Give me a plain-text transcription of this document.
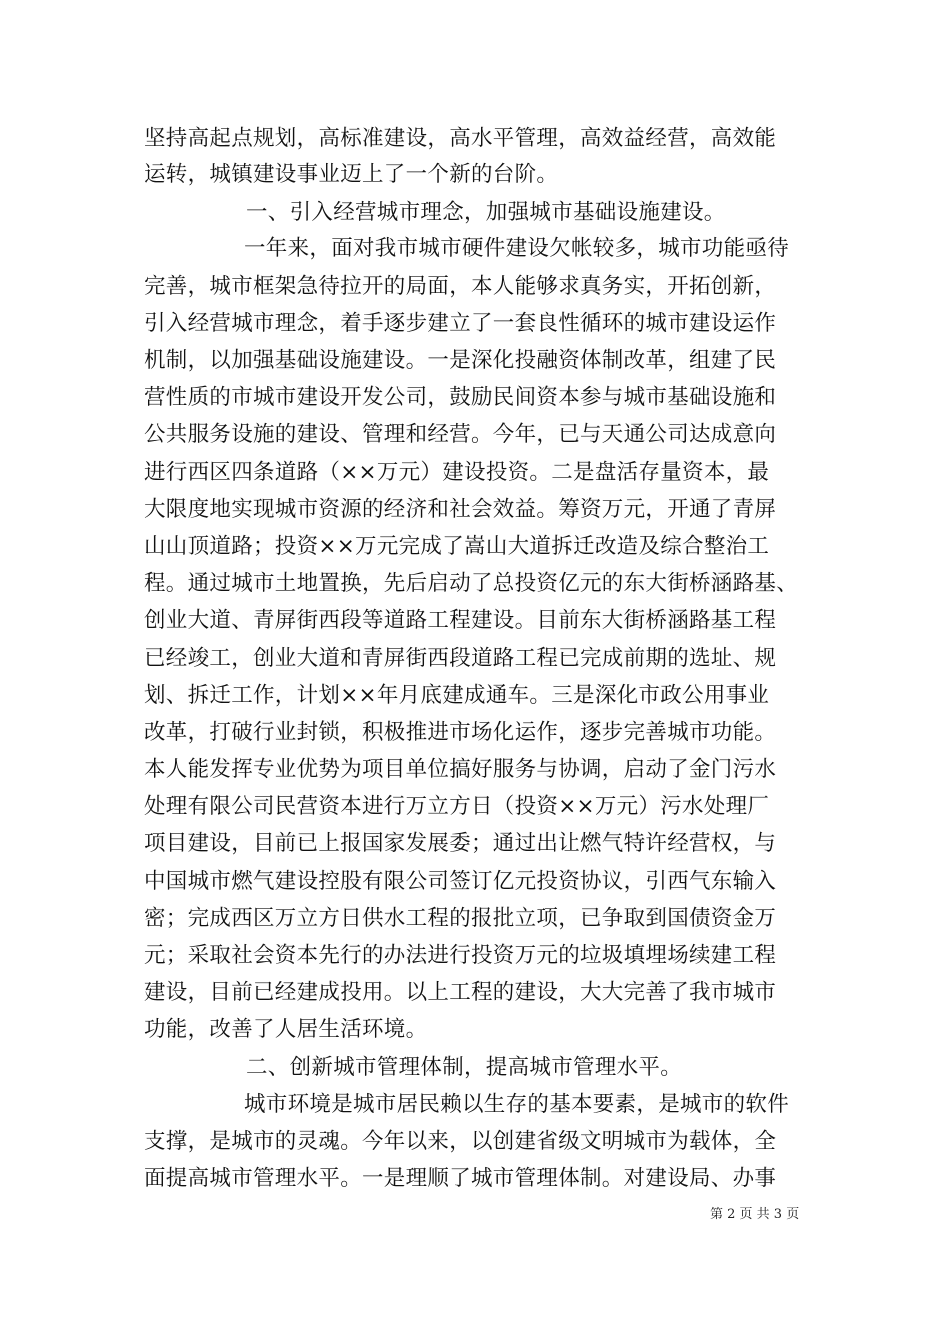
坚持高起点规划，高标准建设，高水平管理，高效益经营，高效能
运转，城镇建设事业迈上了一个新的台阶。
一、引入经营城市理念，加强城市基础设施建设。
一年来，面对我市城市硬件建设欠帐较多，城市功能亟待
完善，城市框架急待拉开的局面，本人能够求真务实，开拓创新，
引入经营城市理念，着手逐步建立了一套良性循环的城市建设运作
机制，以加强基础设施建设。一是深化投融资体制改革，组建了民
营性质的市城市建设开发公司，鼓励民间资本参与城市基础设施和
公共服务设施的建设、管理和经营。今年，已与天通公司达成意向
进行西区四条道路（××万元）建设投资。二是盘活存量资本，最
大限度地实现城市资源的经济和社会效益。筹资万元，开通了青屏
山山顶道路；投资××万元完成了嵩山大道拆迁改造及综合整治工
程。通过城市土地置换，先后启动了总投资亿元的东大街桥涵路基、
创业大道、青屏街西段等道路工程建设。目前东大街桥涵路基工程
已经竣工，创业大道和青屏街西段道路工程已完成前期的选址、规
划、拆迁工作，计划××年月底建成通车。三是深化市政公用事业
改革，打破行业封锁，积极推进市场化运作，逐步完善城市功能。
本人能发挥专业优势为项目单位搞好服务与协调，启动了金门污水
处理有限公司民营资本进行万立方日（投资××万元）污水处理厂
项目建设，目前已上报国家发展委；通过出让燃气特许经营权，与
中国城市燃气建设控股有限公司签订亿元投资协议，引西气东输入
密；完成西区万立方日供水工程的报批立项，已争取到国债资金万
元；采取社会资本先行的办法进行投资万元的垃圾填埋场续建工程
建设，目前已经建成投用。以上工程的建设，大大完善了我市城市
功能，改善了人居生活环境。
二、创新城市管理体制，提高城市管理水平。
城市环境是城市居民赖以生存的基本要素，是城市的软件
支撑，是城市的灵魂。今年以来，以创建省级文明城市为载体，全
面提高城市管理水平。一是理顺了城市管理体制。对建设局、办事
第 2 页 共 3 页
